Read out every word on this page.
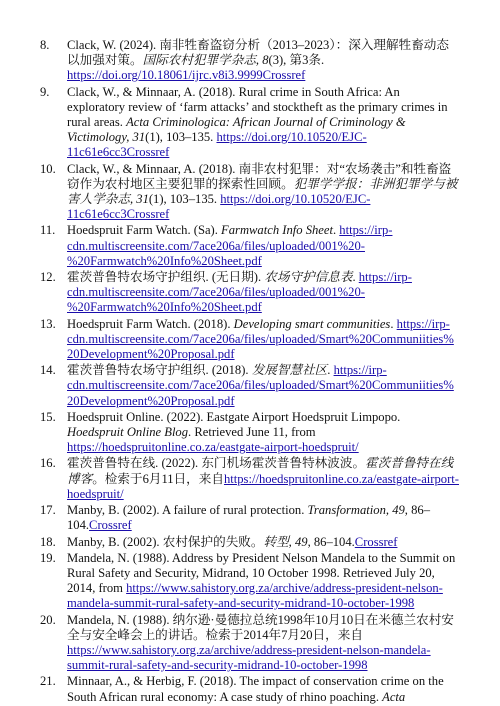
8.	Clack, W. (2024). 南非牲畜盗窃分析（2013–2023）：深入理解牲畜动态以加强对策。国际农村犯罪学杂志, 8(3), 第3条. https://doi.org/10.18061/ijrc.v8i3.9999Crossref
9.	Clack, W., & Minnaar, A. (2018). Rural crime in South Africa: An exploratory review of ‘farm attacks’ and stocktheft as the primary crimes in rural areas. Acta Criminologica: African Journal of Criminology & Victimology, 31(1), 103–135. https://doi.org/10.10520/EJC-11c61e6cc3Crossref
10. Clack, W., & Minnaar, A. (2018). 南非农村犯罪：对“农场袭击”和牲畜盗窃作为农村地区主要犯罪的探索性回顾。犯罪学学报：非洲犯罪学与被害人学杂志, 31(1), 103–135. https://doi.org/10.10520/EJC-11c61e6cc3Crossref
11. Hoedspruit Farm Watch. (Sa). Farmwatch Info Sheet. https://irp-cdn.multiscreensite.com/7ace206a/files/uploaded/001%20-%20Farmwatch%20Info%20Sheet.pdf
12. 霍茨普鲁特农场守护组织. (无日期). 农场守护信息表. https://irp-cdn.multiscreensite.com/7ace206a/files/uploaded/001%20-%20Farmwatch%20Info%20Sheet.pdf
13. Hoedspruit Farm Watch. (2018). Developing smart communities. https://irp-cdn.multiscreensite.com/7ace206a/files/uploaded/Smart%20Communiities%20Development%20Proposal.pdf
14. 霍茨普鲁特农场守护组织. (2018). 发展智慧社区. https://irp-cdn.multiscreensite.com/7ace206a/files/uploaded/Smart%20Communiities%20Development%20Proposal.pdf
15. Hoedspruit Online. (2022). Eastgate Airport Hoedspruit Limpopo. Hoedspruit Online Blog. Retrieved June 11, from https://hoedspruitonline.co.za/eastgate-airport-hoedspruit/
16. 霍茨普鲁特在线. (2022). 东门机场霍茨普鲁特林波波。霍茨普鲁特在线博客。检索于6月11日，来自https://hoedspruitonline.co.za/eastgate-airport-hoedspruit/
17. Manby, B. (2002). A failure of rural protection. Transformation, 49, 86–104.Crossref
18. Manby, B. (2002). 农村保护的失败。转型, 49, 86–104.Crossref
19. Mandela, N. (1988). Address by President Nelson Mandela to the Summit on Rural Safety and Security, Midrand, 10 October 1998. Retrieved July 20, 2014, from https://www.sahistory.org.za/archive/address-president-nelson-mandela-summit-rural-safety-and-security-midrand-10-october-1998
20. Mandela, N. (1988). 纳尔逊·曼德拉总统1998年10月10日在米德兰农村安全与安全峰会上的讲话。检索于2014年7月20日，来自https://www.sahistory.org.za/archive/address-president-nelson-mandela-summit-rural-safety-and-security-midrand-10-october-1998
21. Minnaar, A., & Herbig, F. (2018). The impact of conservation crime on the South African rural economy: A case study of rhino poaching. Acta
